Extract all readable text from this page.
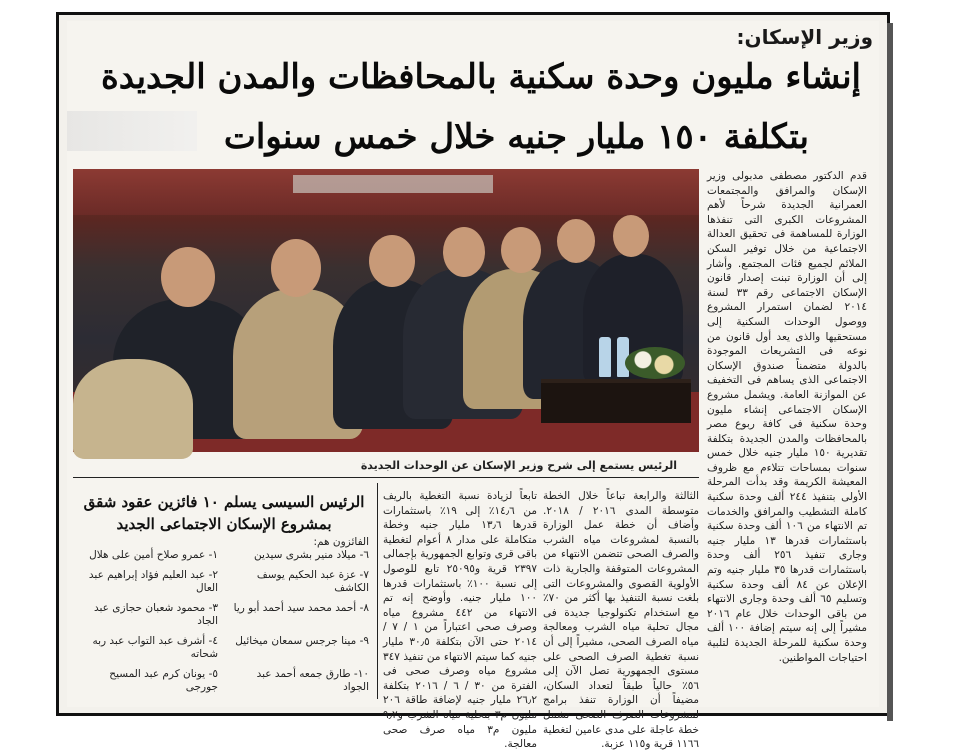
وزير الإسكان:
إنشاء مليون وحدة سكنية بالمحافظات والمدن الجديدة
بتكلفة ١٥٠ مليار جنيه خلال خمس سنوات
الرئيس يستمع إلى شرح وزير الإسكان عن الوحدات الجديدة
قدم الدكتور مصطفى مدبولى وزير الإسكان والمرافق والمجتمعات العمرانية الجديدة شرحاً لأهم المشروعات الكبرى التى تنفذها الوزارة للمساهمة فى تحقيق العدالة الاجتماعية من خلال توفير السكن الملائم لجميع فئات المجتمع. وأشار إلى أن الوزارة تبنت إصدار قانون الإسكان الاجتماعى رقم ٣٣ لسنة ٢٠١٤ لضمان استمرار المشروع ووصول الوحدات السكنية إلى مستحقيها والذى يعد أول قانون من نوعه فى التشريعات الموجودة بالدولة متضمناً صندوق الإسكان الاجتماعى الذى يساهم فى التخفيف عن الموازنة العامة. ويشمل مشروع الإسكان الاجتماعى إنشاء مليون وحدة سكنية فى كافة ربوع مصر بالمحافظات والمدن الجديدة بتكلفة تقديرية ١٥٠ مليار جنيه خلال خمس سنوات بمساحات تتلاءم مع ظروف المعيشة الكريمة وقد بدأت المرحلة الأولى بتنفيذ ٢٤٤ ألف وحدة سكنية كاملة التشطيب والمرافق والخدمات تم الانتهاء من ١٠٦ ألف وحدة سكنية باستثمارات قدرها ١٣ مليار جنيه وجارى تنفيذ ٢٥٦ ألف وحدة باستثمارات قدرها ٣٥ مليار جنيه وتم الإعلان عن ٨٤ ألف وحدة سكنية وتسليم ٦٥ ألف وحدة وجارى الانتهاء من باقى الوحدات خلال عام ٢٠١٦ مشيراً إلى إنه سيتم إضافة ١٠٠ ألف وحدة سكنية للمرحلة الجديدة لتلبية احتياجات المواطنين.
الثالثة والرابعة تباعاً خلال الخطة متوسطة المدى ٢٠١٦ / ٢٠١٨. وأضاف أن خطة عمل الوزارة بالنسبة لمشروعات مياه الشرب والصرف الصحى تتضمن الانتهاء من المشروعات المتوقفة والجارية ذات الأولوية القصوى والمشروعات التى بلغت نسبة التنفيذ بها أكثر من ٧٠٪ مع استخدام تكنولوجيا جديدة فى مجال تحلية مياه الشرب ومعالجة مياه الصرف الصحى، مشيراً إلى أن نسبة تغطية الصرف الصحى على مستوى الجمهورية تصل الآن إلى ٥٦٪ حالياً طبقاً لتعداد السكان، مضيفاً أن الوزارة تنفذ برامج لمشروعات الصرف الصحى تشمل خطة عاجلة على مدى عامين لتغطية ١١٦٦ قرية و١١٥ عزبة.
تابعاً لزيادة نسبة التغطية بالريف من ١٤٫٦٪ إلى ١٩٪ باستثمارات قدرها ١٣٫٦ مليار جنيه وخطة متكاملة على مدار ٨ أعوام لتغطية باقى قرى وتوابع الجمهورية بإجمالى ٢٣٩٧ قرية و٢٥٠٩٥ تابع للوصول إلى نسبة ١٠٠٪ باستثمارات قدرها ١٠٠ مليار جنيه. وأوضح إنه تم الانتهاء من ٤٤٢ مشروع مياه وصرف صحى اعتباراً من ١ / ٧ / ٢٠١٤ حتى الآن بتكلفة ٣٠٫٥ مليار جنيه كما سيتم الانتهاء من تنفيذ ٣٤٧ مشروع مياه وصرف صحى فى الفترة من ٣٠ / ٦ / ٢٠١٦ بتكلفة ٢٦٫٢ مليار جنيه لإضافة طاقة ٢٠٦ مليون م٣ بتحلية مياه الشرب و٩٫٢ مليون م٣ مياه صرف صحى معالجة.
الرئيس السيسى يسلم ١٠ فائزين عقود شقق بمشروع الإسكان الاجتماعى الجديد
الفائزون هم:
٦- ميلاد منير بشرى سيدين
١- عمرو صلاح أمين على هلال
٧- عزة عبد الحكيم يوسف الكاشف
٢- عبد العليم فؤاد إبراهيم عبد العال
٨- أحمد محمد سيد أحمد أبو ريا
٣- محمود شعبان حجازى عبد الجاد
٩- مينا جرجس سمعان ميخائيل
٤- أشرف عبد التواب عبد ربه شحاته
١٠- طارق جمعه أحمد عبد الجواد
٥- يونان كرم عبد المسيح جورجى
